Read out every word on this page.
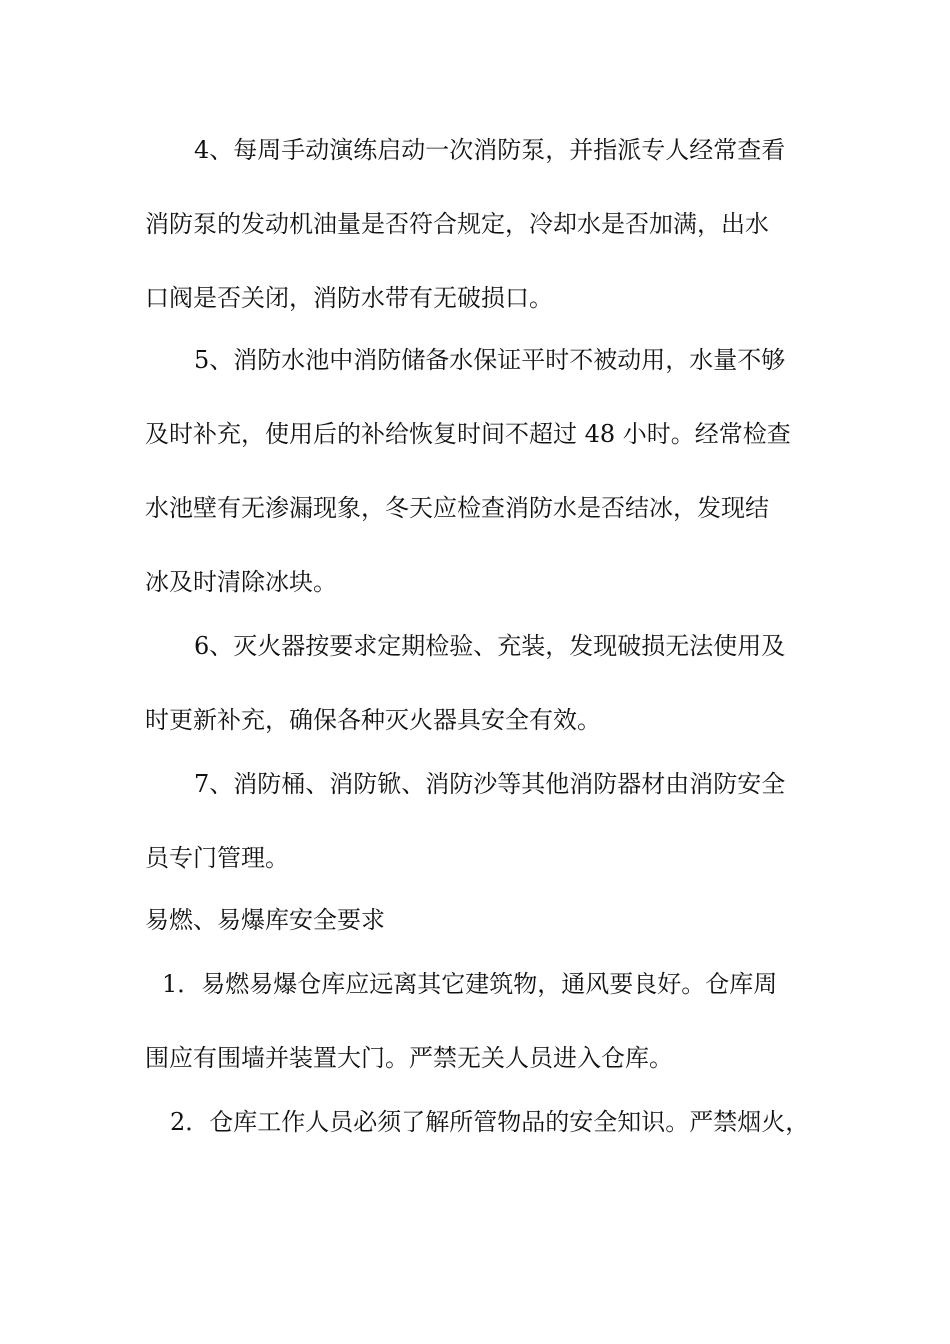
4、每周手动演练启动一次消防泵，并指派专人经常查看
消防泵的发动机油量是否符合规定，冷却水是否加满，出水
口阀是否关闭，消防水带有无破损口。
5、消防水池中消防储备水保证平时不被动用，水量不够
及时补充，使用后的补给恢复时间不超过 48 小时。经常检查
水池壁有无渗漏现象，冬天应检查消防水是否结冰，发现结
冰及时清除冰块。
6、灭火器按要求定期检验、充装，发现破损无法使用及
时更新补充，确保各种灭火器具安全有效。
7、消防桶、消防锨、消防沙等其他消防器材由消防安全
员专门管理。
易燃、易爆库安全要求
1．易燃易爆仓库应远离其它建筑物，通风要良好。仓库周
围应有围墙并装置大门。严禁无关人员进入仓库。
2．仓库工作人员必须了解所管物品的安全知识。严禁烟火，
